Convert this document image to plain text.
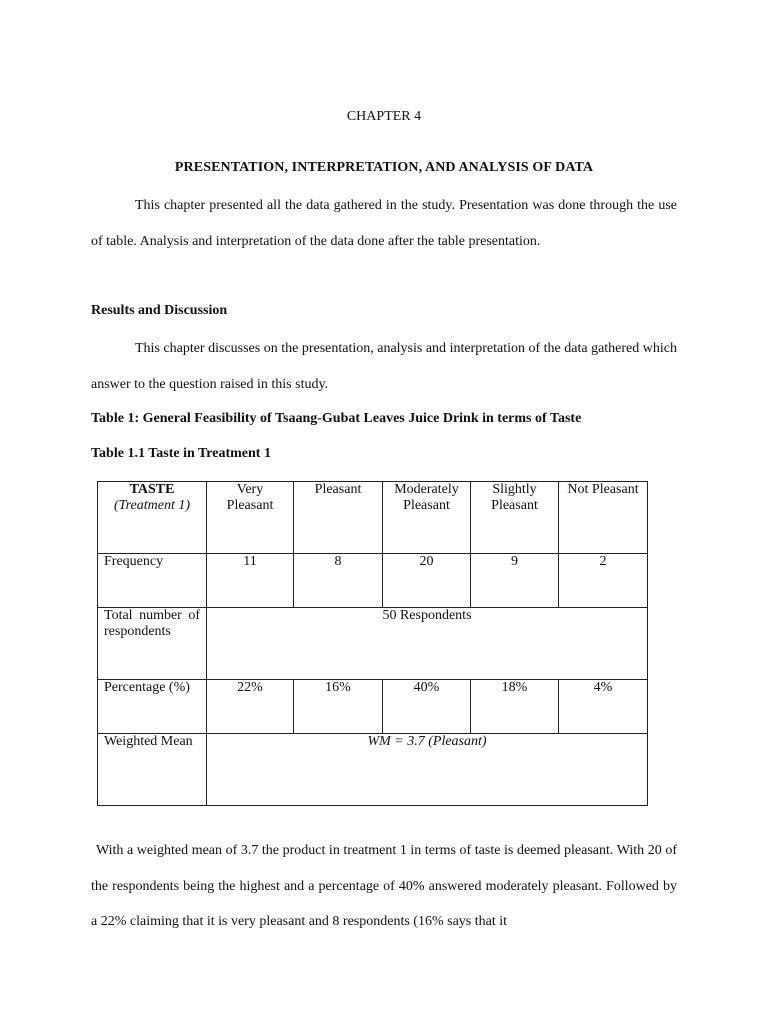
CHAPTER 4
PRESENTATION, INTERPRETATION, AND ANALYSIS OF DATA
This chapter presented all the data gathered in the study. Presentation was done through the use of table. Analysis and interpretation of the data done after the table presentation.
Results and Discussion
This chapter discusses on the presentation, analysis and interpretation of the data gathered which answer to the question raised in this study.
Table 1: General Feasibility of Tsaang-Gubat Leaves Juice Drink in terms of Taste
Table 1.1 Taste in Treatment 1
TASTE
(Treatment 1)	Very Pleasant	Pleasant	Moderately Pleasant	Slightly Pleasant	Not Pleasant
Frequency	11	8	20	9	2
Total number of respondents	50 Respondents				
Percentage (%)	22%	16%	40%	18%	4%
Weighted Mean	WM = 3.7 (Pleasant)				
With a weighted mean of 3.7 the product in treatment 1 in terms of taste is deemed pleasant. With 20 of the respondents being the highest and a percentage of 40% answered moderately pleasant. Followed by a 22% claiming that it is very pleasant and 8 respondents (16% says that it
